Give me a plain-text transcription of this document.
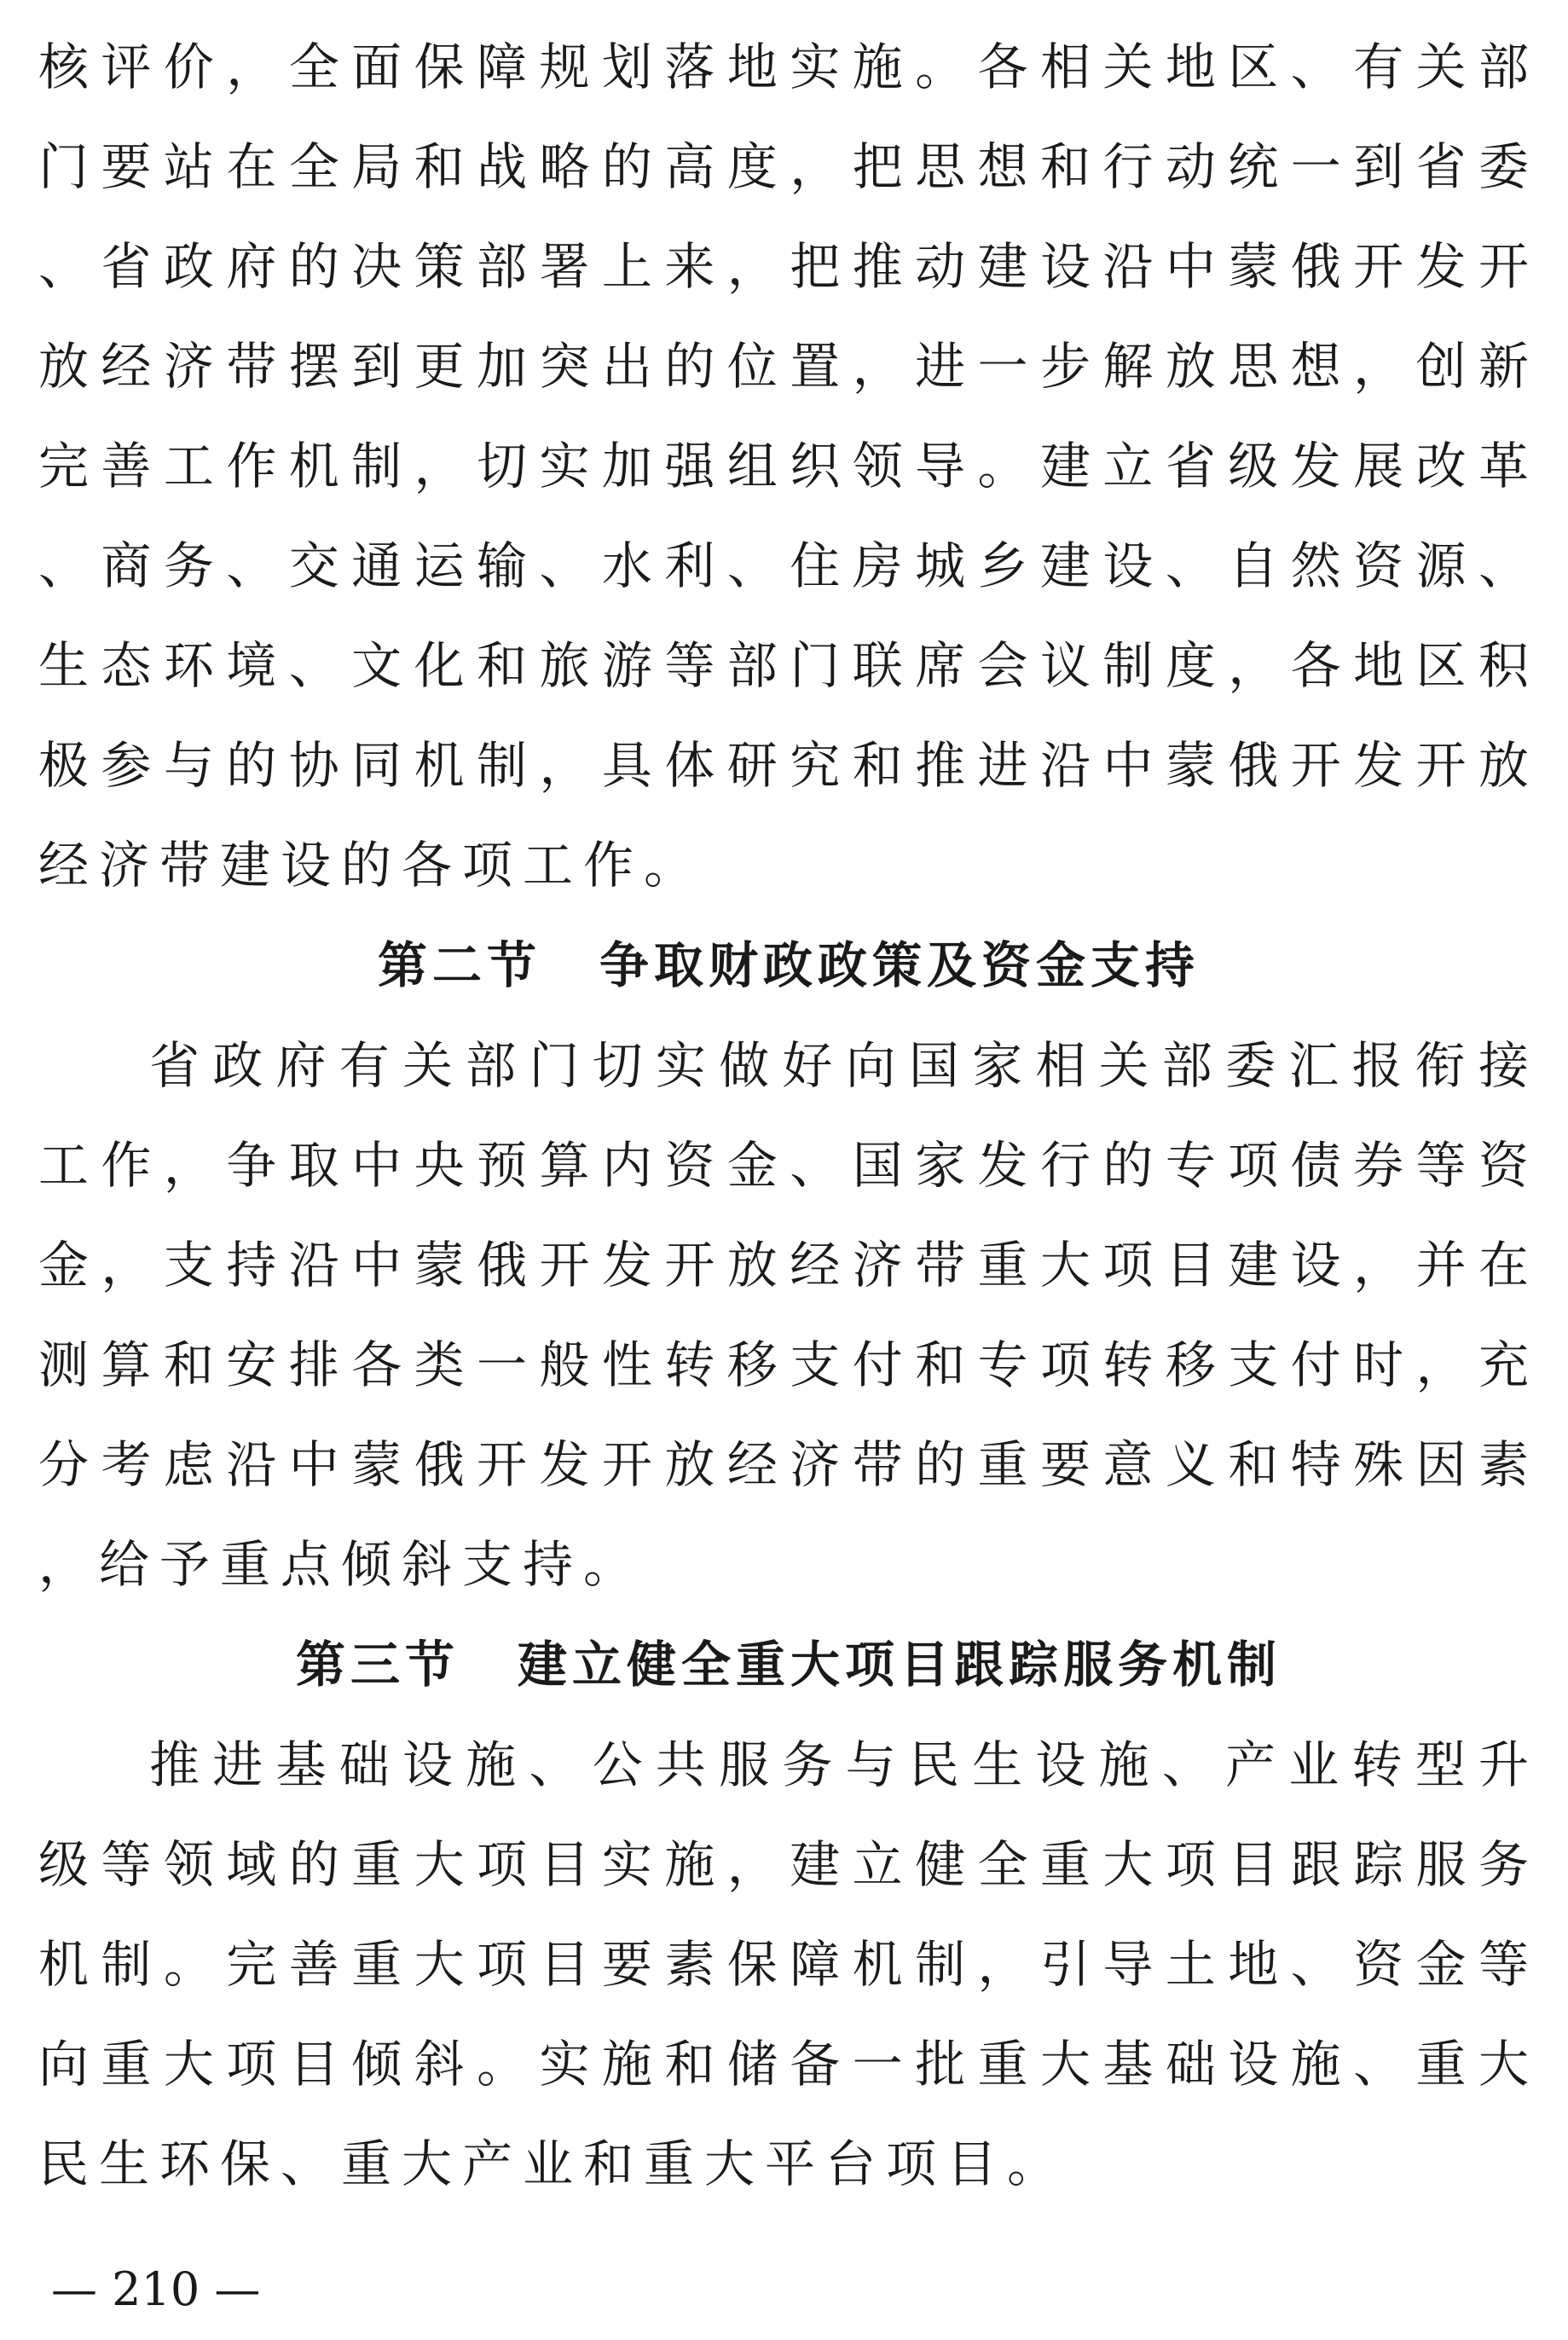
核评价，全面保障规划落地实施。各相关地区、有关部门要站在全局和战略的高度，把思想和行动统一到省委、省政府的决策部署上来，把推动建设沿中蒙俄开发开放经济带摆到更加突出的位置，进一步解放思想，创新完善工作机制，切实加强组织领导。建立省级发展改革、商务、交通运输、水利、住房城乡建设、自然资源、生态环境、文化和旅游等部门联席会议制度，各地区积极参与的协同机制，具体研究和推进沿中蒙俄开发开放经济带建设的各项工作。

第二节 争取财政政策及资金支持

省政府有关部门切实做好向国家相关部委汇报衔接工作，争取中央预算内资金、国家发行的专项债券等资金，支持沿中蒙俄开发开放经济带重大项目建设，并在测算和安排各类一般性转移支付和专项转移支付时，充分考虑沿中蒙俄开发开放经济带的重要意义和特殊因素，给予重点倾斜支持。

第三节 建立健全重大项目跟踪服务机制

推进基础设施、公共服务与民生设施、产业转型升级等领域的重大项目实施，建立健全重大项目跟踪服务机制。完善重大项目要素保障机制，引导土地、资金等向重大项目倾斜。实施和储备一批重大基础设施、重大民生环保、重大产业和重大平台项目。

— 210 —
